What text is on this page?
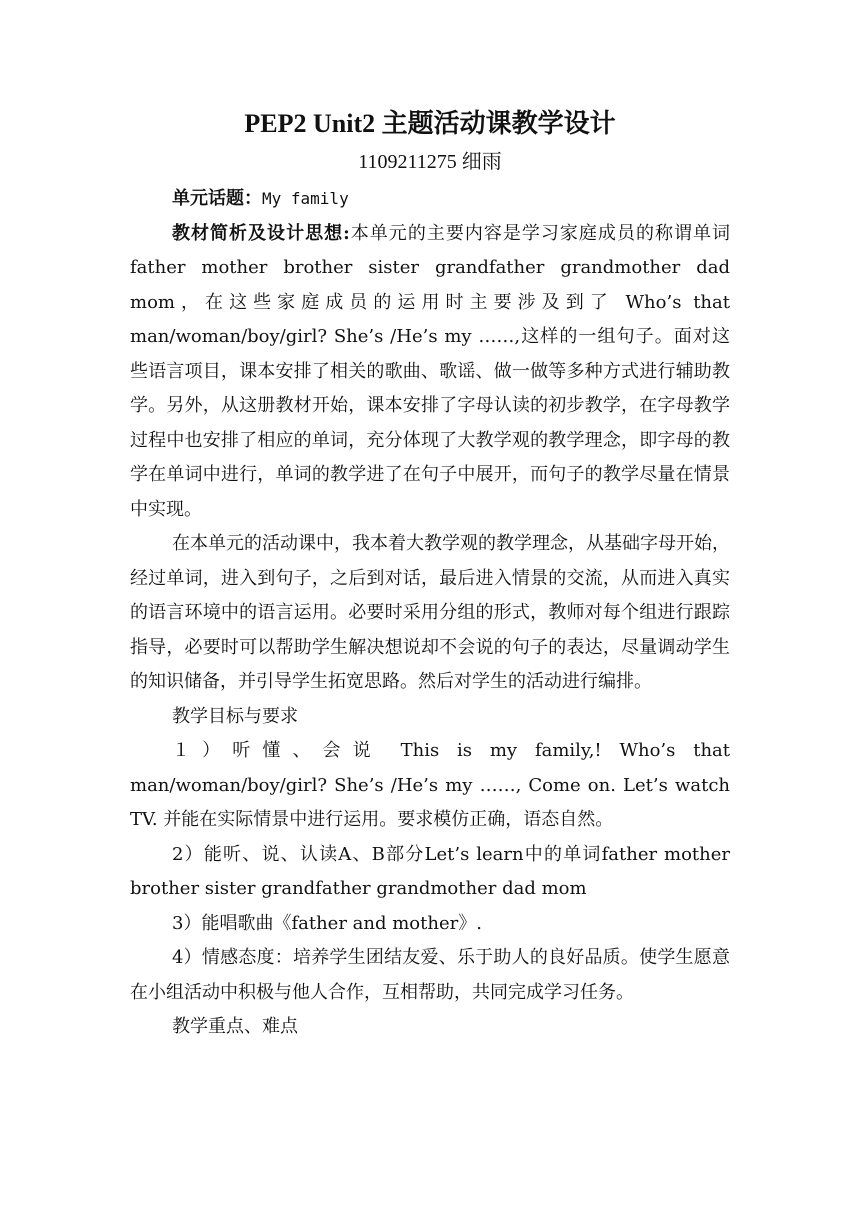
PEP2 Unit2 主题活动课教学设计
1109211275 细雨

单元话题：My family

教材简析及设计思想:本单元的主要内容是学习家庭成员的称谓单词father mother brother sister grandfather grandmother dad mom，在这些家庭成员的运用时主要涉及到了 Who’s that man/woman/boy/girl? She’s /He’s my ……,这样的一组句子。面对这些语言项目，课本安排了相关的歌曲、歌谣、做一做等多种方式进行辅助教学。另外，从这册教材开始，课本安排了字母认读的初步教学，在字母教学过程中也安排了相应的单词，充分体现了大教学观的教学理念，即字母的教学在单词中进行，单词的教学进了在句子中展开，而句子的教学尽量在情景中实现。

在本单元的活动课中，我本着大教学观的教学理念，从基础字母开始，经过单词，进入到句子，之后到对话，最后进入情景的交流，从而进入真实的语言环境中的语言运用。必要时采用分组的形式，教师对每个组进行跟踪指导，必要时可以帮助学生解决想说却不会说的句子的表达，尽量调动学生的知识储备，并引导学生拓宽思路。然后对学生的活动进行编排。

教学目标与要求

１）听懂、会说 This is my family,! Who’s that man/woman/boy/girl? She’s /He’s my ……, Come on. Let’s watch TV. 并能在实际情景中进行运用。要求模仿正确，语态自然。

2）能听、说、认读A、B部分Let’s learn中的单词father mother brother sister grandfather grandmother dad mom

3）能唱歌曲《father and mother》.

4）情感态度：培养学生团结友爱、乐于助人的良好品质。使学生愿意在小组活动中积极与他人合作，互相帮助，共同完成学习任务。

教学重点、难点
